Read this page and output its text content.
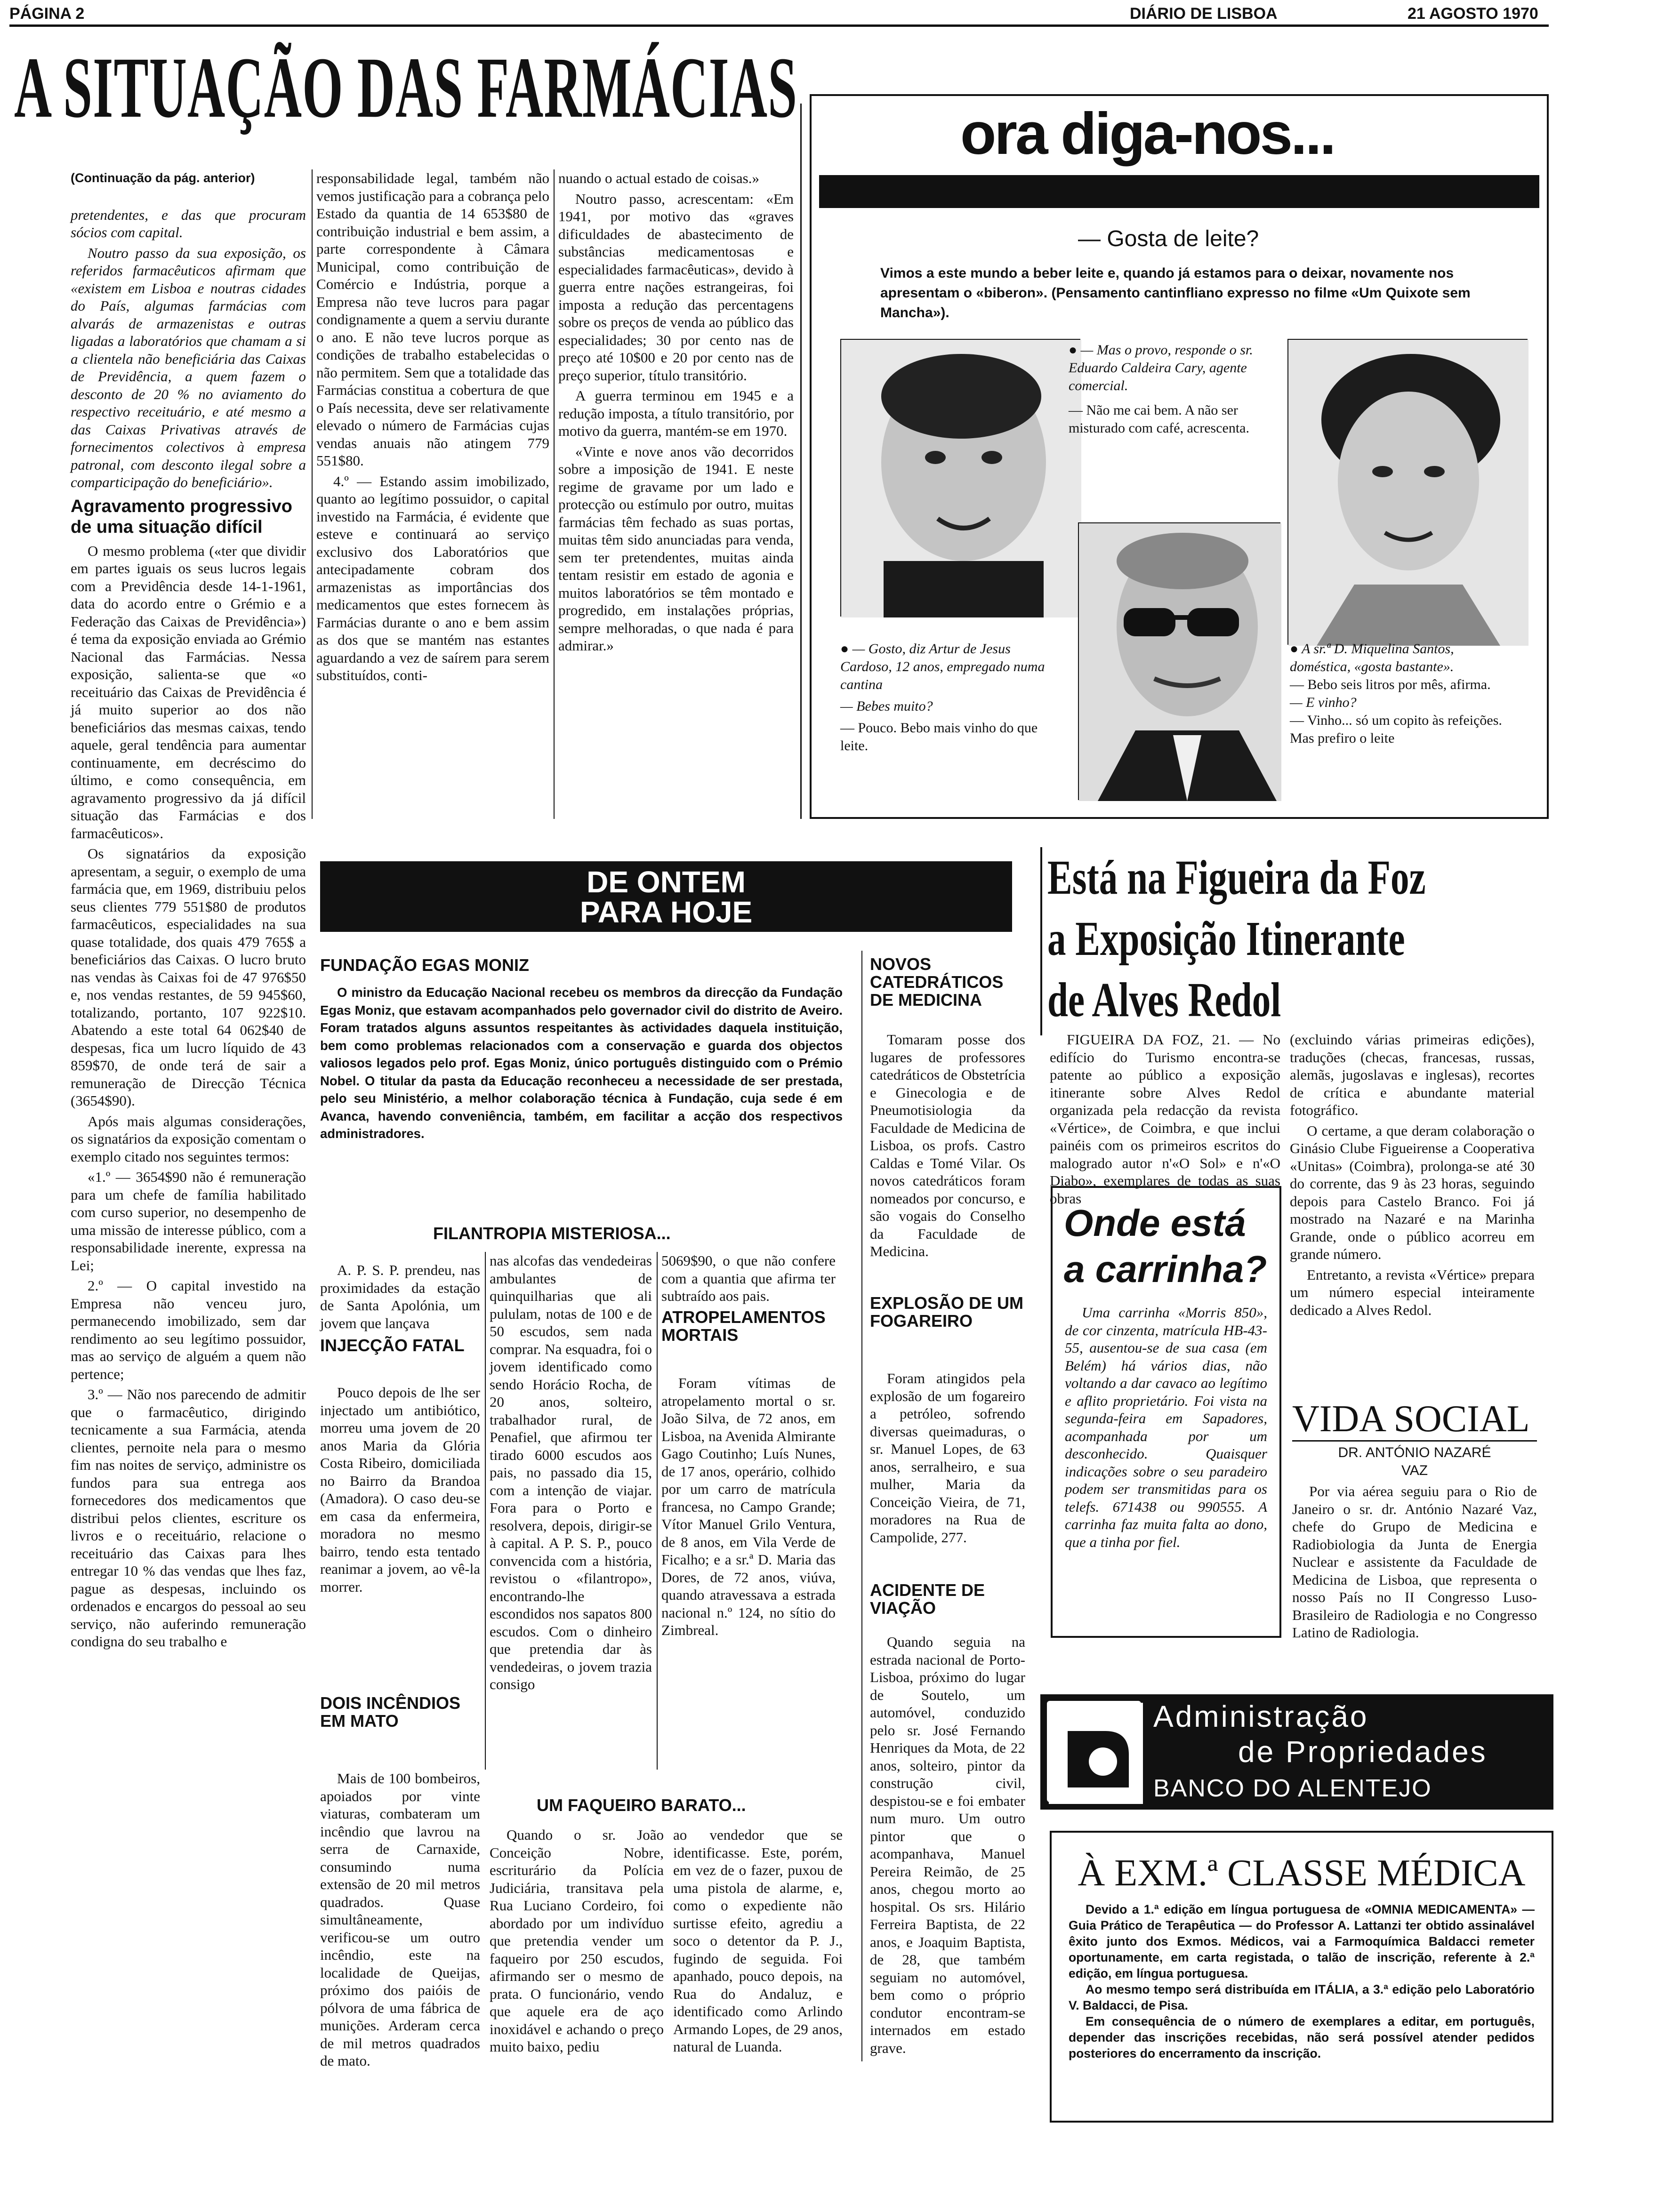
PÁGINA 2	DIÁRIO DE LISBOA	21 AGOSTO 1970
A SITUAÇÃO DAS FARMÁCIAS

(Continuação da pág. anterior)

pretendentes, e das que procuram sócios com capital.

Noutro passo da sua exposição, os referidos farmacêuticos afirmam que «existem em Lisboa e noutras cidades do País, algumas farmácias com alvarás de armazenistas e outras ligadas a laboratórios que chamam a si a clientela não beneficiária das Caixas de Previdência, a quem fazem o desconto de 20 % no aviamento do respectivo receituário, e até mesmo a das Caixas Privativas através de fornecimentos colectivos à empresa patronal, com desconto ilegal sobre a comparticipação do beneficiário».

Agravamento progressivo de uma situação difícil

O mesmo problema («ter que dividir em partes iguais os seus lucros legais com a Previdência desde 14-1-1961, data do acordo entre o Grémio e a Federação das Caixas de Previdência») é tema da exposição enviada ao Grémio Nacional das Farmácias. Nessa exposição, salienta-se que «o receituário das Caixas de Previdência é já muito superior ao dos não beneficiários das mesmas caixas, tendo aquele, geral tendência para aumentar continuamente, em decréscimo do último, e como consequência, em agravamento progressivo da já difícil situação das Farmácias e dos farmacêuticos».

Os signatários da exposição apresentam, a seguir, o exemplo de uma farmácia que, em 1969, distribuiu pelos seus clientes 779 551$80 de produtos farmacêuticos, especialidades na sua quase totalidade, dos quais 479 765$ a beneficiários das Caixas. O lucro bruto nas vendas às Caixas foi de 47 976$50 e, nos vendas restantes, de 59 945$60, totalizando, portanto, 107 922$10. Abatendo a este total 64 062$40 de despesas, fica um lucro líquido de 43 859$70, de onde terá de sair a remuneração de Direcção Técnica (3654$90).

Após mais algumas considerações, os signatários da exposição comentam o exemplo citado nos seguintes termos:

«1.º — 3654$90 não é remuneração para um chefe de família habilitado com curso superior, no desempenho de uma missão de interesse público, com a responsabilidade inerente, expressa na Lei;

2.º — O capital investido na Empresa não venceu juro, permanecendo imobilizado, sem dar rendimento ao seu legítimo possuidor, mas ao serviço de alguém a quem não pertence;

3.º — Não nos parecendo de admitir que o farmacêutico, dirigindo tecnicamente a sua Farmácia, atenda clientes, pernoite nela para o mesmo fim nas noites de serviço, administre os fundos para sua entrega aos fornecedores dos medicamentos que distribui pelos clientes, escriture os livros e o receituário, relacione o receituário das Caixas para lhes entregar 10 % das vendas que lhes faz, pague as despesas, incluindo os ordenados e encargos do pessoal ao seu serviço, não auferindo remuneração condigna do seu trabalho e

responsabilidade legal, também não vemos justificação para a cobrança pelo Estado da quantia de 14 653$80 de contribuição industrial e bem assim, a parte correspondente à Câmara Municipal, como contribuição de Comércio e Indústria, porque a Empresa não teve lucros para pagar condignamente a quem a serviu durante o ano. E não teve lucros porque as condições de trabalho estabelecidas o não permitem. Sem que a totalidade das Farmácias constitua a cobertura de que o País necessita, deve ser relativamente elevado o número de Farmácias cujas vendas anuais não atingem 779 551$80.

4.º — Estando assim imobilizado, quanto ao legítimo possuidor, o capital investido na Farmácia, é evidente que esteve e continuará ao serviço exclusivo dos Laboratórios que antecipadamente cobram dos armazenistas as importâncias dos medicamentos que estes fornecem às Farmácias durante o ano e bem assim as dos que se mantém nas estantes aguardando a vez de saírem para serem substituídos, conti-

nuando o actual estado de coisas.»

Noutro passo, acrescentam: «Em 1941, por motivo das «graves dificuldades de abastecimento de substâncias medicamentosas e especialidades farmacêuticas», devido à guerra entre nações estrangeiras, foi imposta a redução das percentagens sobre os preços de venda ao público das especialidades; 30 por cento nas de preço até 10$00 e 20 por cento nas de preço superior, título transitório.

A guerra terminou em 1945 e a redução imposta, a título transitório, por motivo da guerra, mantém-se em 1970.

«Vinte e nove anos vão decorridos sobre a imposição de 1941. E neste regime de gravame por um lado e protecção ou estímulo por outro, muitas farmácias têm fechado as suas portas, muitas têm sido anunciadas para venda, sem ter pretendentes, muitas ainda tentam resistir em estado de agonia e muitos laboratórios se têm montado e progredido, em instalações próprias, sempre melhoradas, o que nada é para admirar.»

ora diga-nos...
— Gosta de leite?
Vimos a este mundo a beber leite e, quando já estamos para o deixar, novamente nos apresentam o «biberon». (Pensamento cantinfliano expresso no filme «Um Quixote sem Mancha»).
● — Mas o provo, responde o sr. Eduardo Caldeira Cary, agente comercial.
— Não me cai bem. A não ser misturado com café, acrescenta.
● — Gosto, diz Artur de Jesus Cardoso, 12 anos, empregado numa cantina
— Bebes muito?
— Pouco. Bebo mais vinho do que leite.
● A sr.ª D. Miquelina Santos, doméstica, «gosta bastante».
— Bebo seis litros por mês, afirma.
— E vinho?
— Vinho... só um copito às refeições. Mas prefiro o leite
DE ONTEM
PARA HOJE
FUNDAÇÃO EGAS MONIZ
O ministro da Educação Nacional recebeu os membros da direcção da Fundação Egas Moniz, que estavam acompanhados pelo governador civil do distrito de Aveiro. Foram tratados alguns assuntos respeitantes às actividades daquela instituição, bem como problemas relacionados com a conservação e guarda dos objectos valiosos legados pelo prof. Egas Moniz, único português distinguido com o Prémio Nobel. O titular da pasta da Educação reconheceu a necessidade de ser prestada, pelo seu Ministério, a melhor colaboração técnica à Fundação, cuja sede é em Avanca, havendo conveniência, também, em facilitar a acção dos respectivos administradores.
NOVOS CATEDRÁTICOS DE MEDICINA

Tomaram posse dos lugares de professores catedráticos de Obstetrícia e Ginecologia e de Pneumotisiologia da Faculdade de Medicina de Lisboa, os profs. Castro Caldas e Tomé Vilar. Os novos catedráticos foram nomeados por concurso, e são vogais do Conselho da Faculdade de Medicina.

FILANTROPIA MISTERIOSA...

A. P. S. P. prendeu, nas proximidades da estação de Santa Apolónia, um jovem que lançava

nas alcofas das vendedeiras ambulantes de quinquilharias que ali pululam, notas de 100 e de 50 escudos, sem nada comprar. Na esquadra, foi o jovem identificado como sendo Horácio Rocha, de 20 anos, solteiro, trabalhador rural, de Penafiel, que afirmou ter tirado 6000 escudos aos pais, no passado dia 15, com a intenção de viajar. Fora para o Porto e resolvera, depois, dirigir-se à capital. A P. S. P., pouco convencida com a história, revistou o «filantropo», encontrando-lhe escondidos nos sapatos 800 escudos. Com o dinheiro que pretendia dar às vendedeiras, o jovem trazia consigo

5069$90, o que não confere com a quantia que afirma ter subtraído aos pais.

INJECÇÃO FATAL

Pouco depois de lhe ser injectado um antibiótico, morreu uma jovem de 20 anos Maria da Glória Costa Ribeiro, domiciliada no Bairro da Brandoa (Amadora). O caso deu-se em casa da enfermeira, moradora no mesmo bairro, tendo esta tentado reanimar a jovem, ao vê-la morrer.

DOIS INCÊNDIOS EM MATO

Mais de 100 bombeiros, apoiados por vinte viaturas, combateram um incêndio que lavrou na serra de Carnaxide, consumindo numa extensão de 20 mil metros quadrados. Quase simultâneamente, verificou-se um outro incêndio, este na localidade de Queijas, próximo dos paióis de pólvora de uma fábrica de munições. Arderam cerca de mil metros quadrados de mato.

ATROPELAMENTOS MORTAIS

Foram vítimas de atropelamento mortal o sr. João Silva, de 72 anos, em Lisboa, na Avenida Almirante Gago Coutinho; Luís Nunes, de 17 anos, operário, colhido por um carro de matrícula francesa, no Campo Grande; Vítor Manuel Grilo Ventura, de 8 anos, em Vila Verde de Ficalho; e a sr.ª D. Maria das Dores, de 72 anos, viúva, quando atravessava a estrada nacional n.º 124, no sítio do Zimbreal.

EXPLOSÃO DE UM FOGAREIRO

Foram atingidos pela explosão de um fogareiro a petróleo, sofrendo diversas queimaduras, o sr. Manuel Lopes, de 63 anos, serralheiro, e sua mulher, Maria da Conceição Vieira, de 71, moradores na Rua de Campolide, 277.

ACIDENTE DE VIAÇÃO

Quando seguia na estrada nacional de Porto-Lisboa, próximo do lugar de Soutelo, um automóvel, conduzido pelo sr. José Fernando Henriques da Mota, de 22 anos, solteiro, pintor da construção civil, despistou-se e foi embater num muro. Um outro pintor que o acompanhava, Manuel Pereira Reimão, de 25 anos, chegou morto ao hospital. Os srs. Hilário Ferreira Baptista, de 22 anos, e Joaquim Baptista, de 28, que também seguiam no automóvel, bem como o próprio condutor encontram-se internados em estado grave.

UM FAQUEIRO BARATO...

Quando o sr. João Conceição Nobre, escriturário da Polícia Judiciária, transitava pela Rua Luciano Cordeiro, foi abordado por um indivíduo que pretendia vender um faqueiro por 250 escudos, afirmando ser o mesmo de prata. O funcionário, vendo que aquele era de aço inoxidável e achando o preço muito baixo, pediu

ao vendedor que se identificasse. Este, porém, em vez de o fazer, puxou de uma pistola de alarme, e, como o expediente não surtisse efeito, agrediu a soco o detentor da P. J., fugindo de seguida. Foi apanhado, pouco depois, na Rua do Andaluz, e identificado como Arlindo Armando Lopes, de 29 anos, natural de Luanda.

Está na Figueira da Foz
a Exposição Itinerante
de Alves Redol

FIGUEIRA DA FOZ, 21. — No edifício do Turismo encontra-se patente ao público a exposição itinerante sobre Alves Redol organizada pela redacção da revista «Vértice», de Coimbra, e que inclui painéis com os primeiros escritos do malogrado autor n'«O Sol» e n'«O Diabo», exemplares de todas as suas obras

(excluindo várias primeiras edições), traduções (checas, francesas, russas, alemãs, jugoslavas e inglesas), recortes de crítica e abundante material fotográfico.

O certame, a que deram colaboração o Ginásio Clube Figueirense a Cooperativa «Unitas» (Coimbra), prolonga-se até 30 do corrente, das 9 às 23 horas, seguindo depois para Castelo Branco. Foi já mostrado na Nazaré e na Marinha Grande, onde o público acorreu em grande número.

Entretanto, a revista «Vértice» prepara um número especial inteiramente dedicado a Alves Redol.

Onde está
a carrinha?

Uma carrinha «Morris 850», de cor cinzenta, matrícula HB-43-55, ausentou-se de sua casa (em Belém) há vários dias, não voltando a dar cavaco ao legítimo e aflito proprietário. Foi vista na segunda-feira em Sapadores, acompanhada por um desconhecido. Quaisquer indicações sobre o seu paradeiro podem ser transmitidas para os telefs. 671438 ou 990555. A carrinha faz muita falta ao dono, que a tinha por fiel.

VIDA SOCIAL
DR. ANTÓNIO NAZARÉ
VAZ

Por via aérea seguiu para o Rio de Janeiro o sr. dr. António Nazaré Vaz, chefe do Grupo de Medicina e Radiobiologia da Junta de Energia Nuclear e assistente da Faculdade de Medicina de Lisboa, que representa o nosso País no II Congresso Luso-Brasileiro de Radiologia e no Congresso Latino de Radiologia.

Administração
de Propriedades
BANCO DO ALENTEJO
À EXM.ª CLASSE MÉDICA

Devido a 1.ª edição em língua portuguesa de «OMNIA MEDICAMENTA» — Guia Prático de Terapêutica — do Professor A. Lattanzi ter obtido assinalável êxito junto dos Exmos. Médicos, vai a Farmoquímica Baldacci remeter oportunamente, em carta registada, o talão de inscrição, referente à 2.ª edição, em língua portuguesa.

Ao mesmo tempo será distribuída em ITÁLIA, a 3.ª edição pelo Laboratório V. Baldacci, de Pisa.

Em consequência de o número de exemplares a editar, em português, depender das inscrições recebidas, não será possível atender pedidos posteriores do encerramento da inscrição.
